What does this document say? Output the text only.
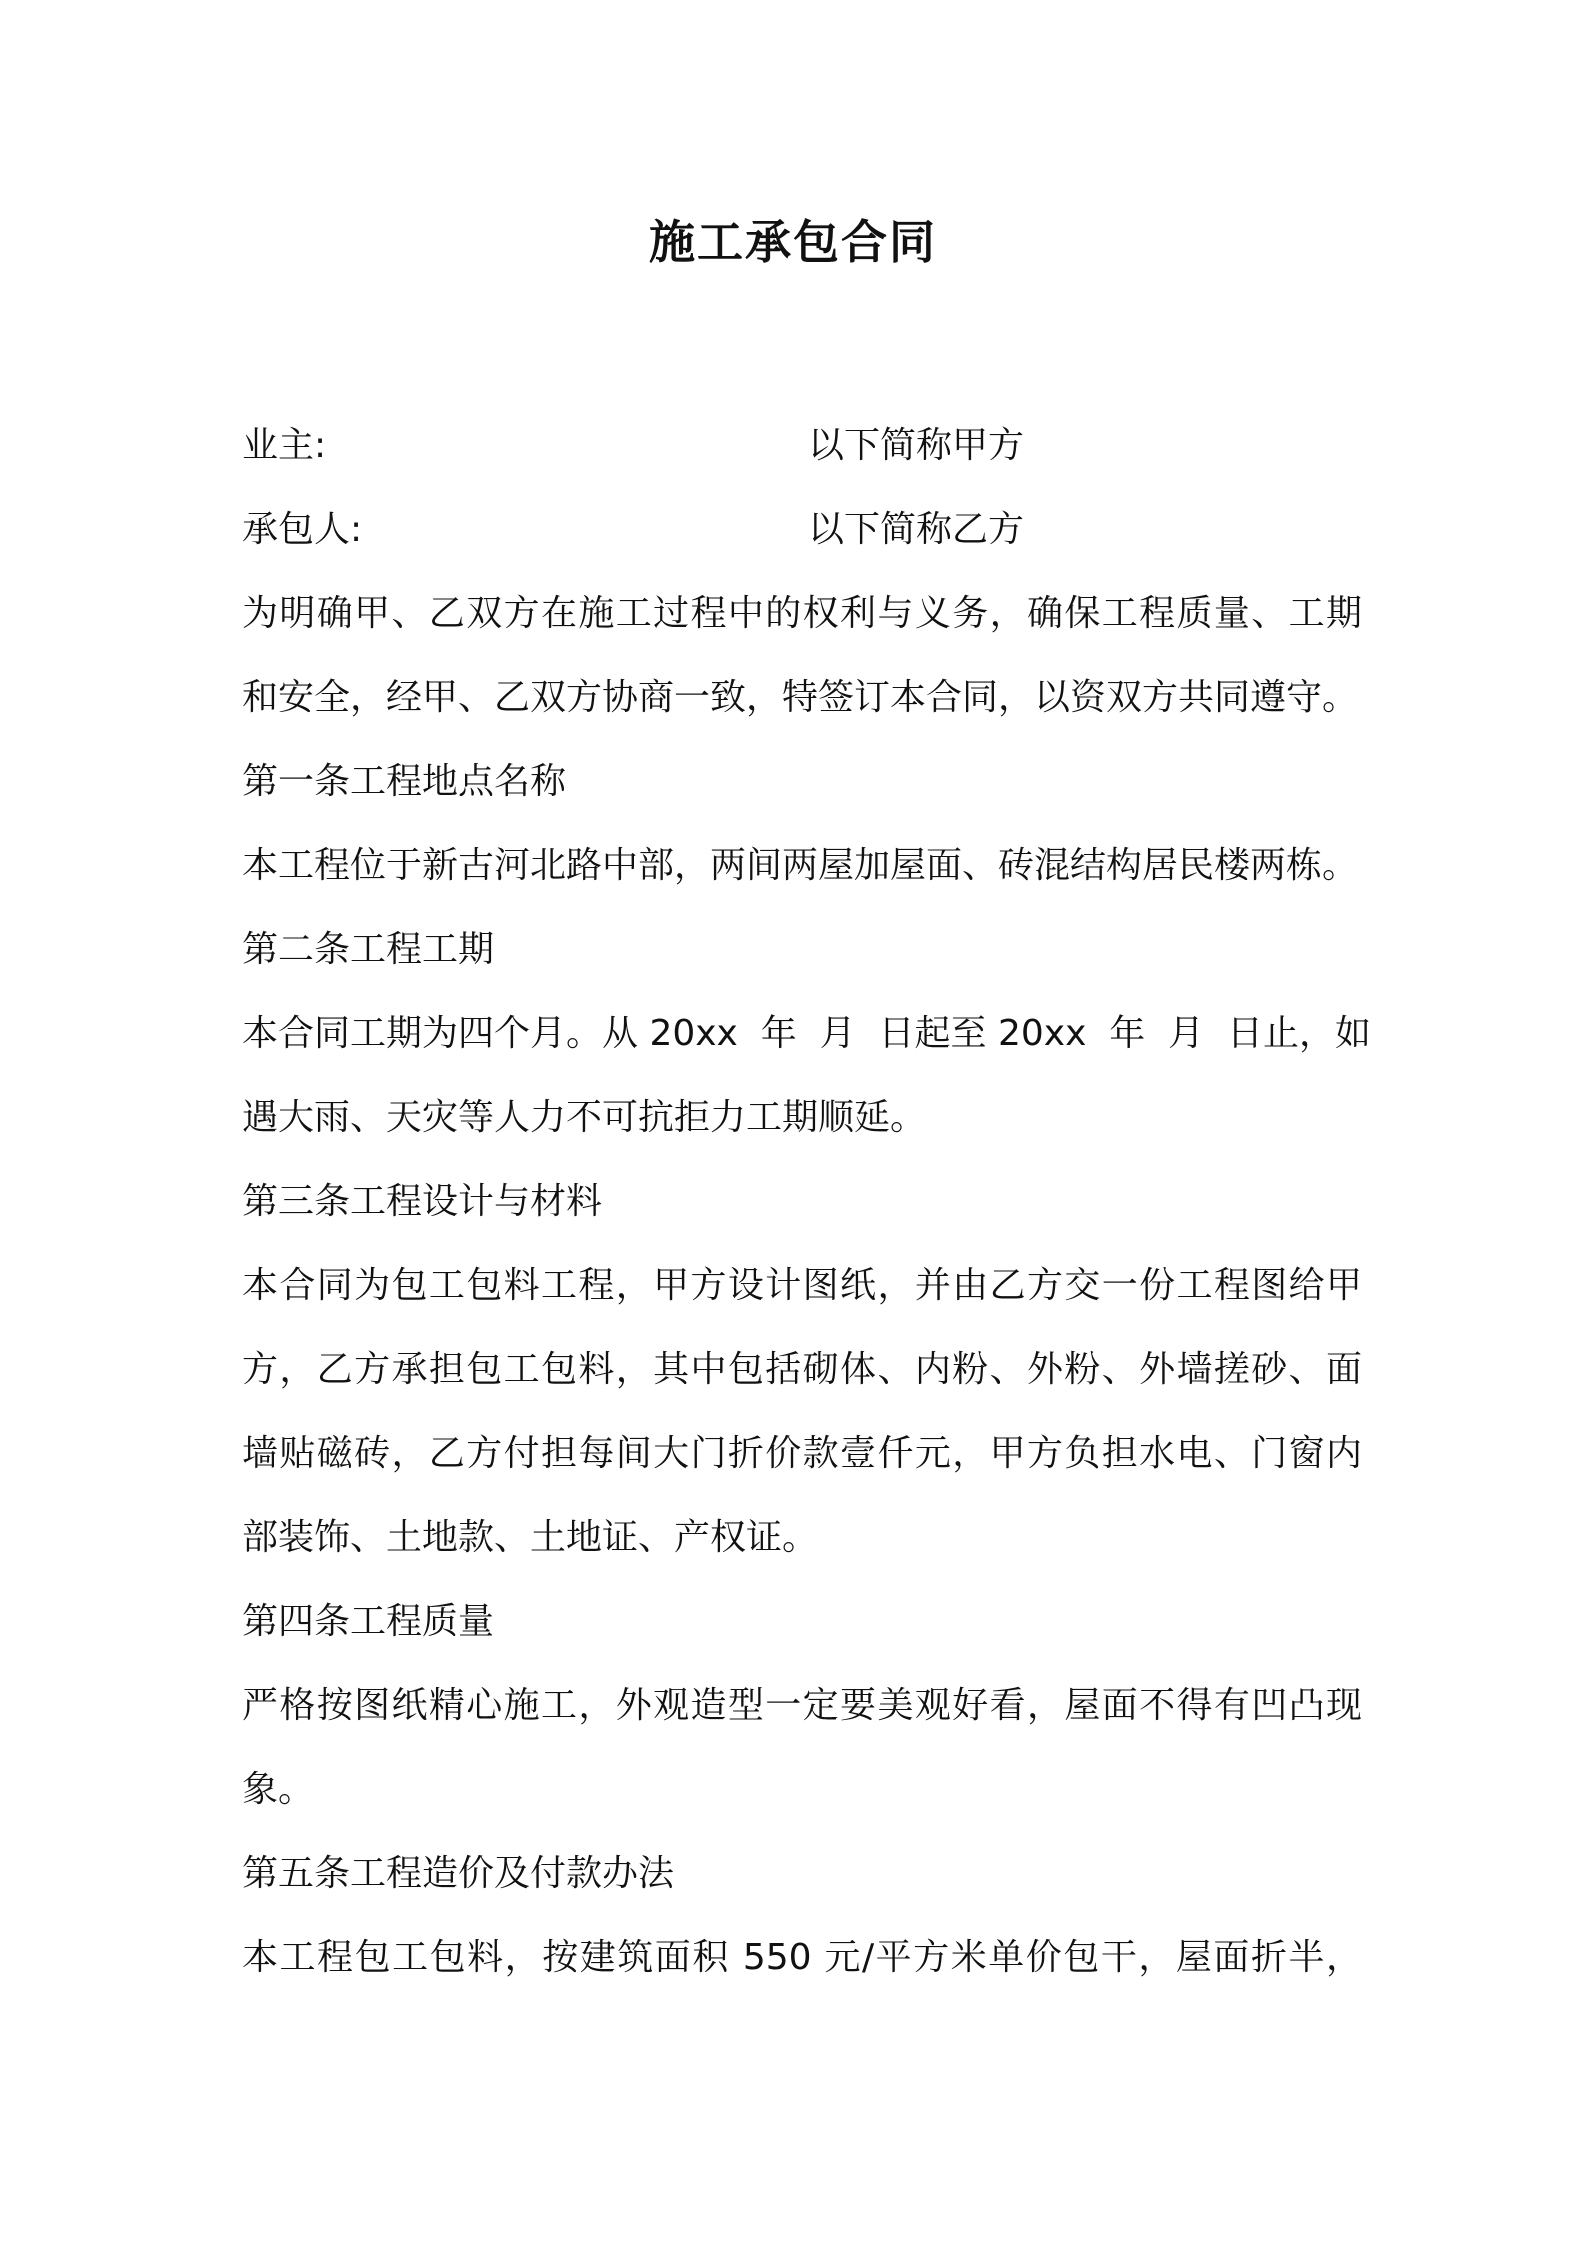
施工承包合同
业主:	以下简称甲方
承包人:	以下简称乙方
为明确甲、乙双方在施工过程中的权利与义务，确保工程质量、工期
和安全，经甲、乙双方协商一致，特签订本合同，以资双方共同遵守。
第一条工程地点名称
本工程位于新古河北路中部，两间两屋加屋面、砖混结构居民楼两栋。
第二条工程工期
本合同工期为四个月。从 20xx  年  月  日起至 20xx  年  月  日止，如
遇大雨、天灾等人力不可抗拒力工期顺延。
第三条工程设计与材料
本合同为包工包料工程，甲方设计图纸，并由乙方交一份工程图给甲
方，乙方承担包工包料，其中包括砌体、内粉、外粉、外墙搓砂、面
墙贴磁砖，乙方付担每间大门折价款壹仟元，甲方负担水电、门窗内
部装饰、土地款、土地证、产权证。
第四条工程质量
严格按图纸精心施工，外观造型一定要美观好看，屋面不得有凹凸现
象。
第五条工程造价及付款办法
本工程包工包料，按建筑面积 550 元/平方米单价包干，屋面折半，
